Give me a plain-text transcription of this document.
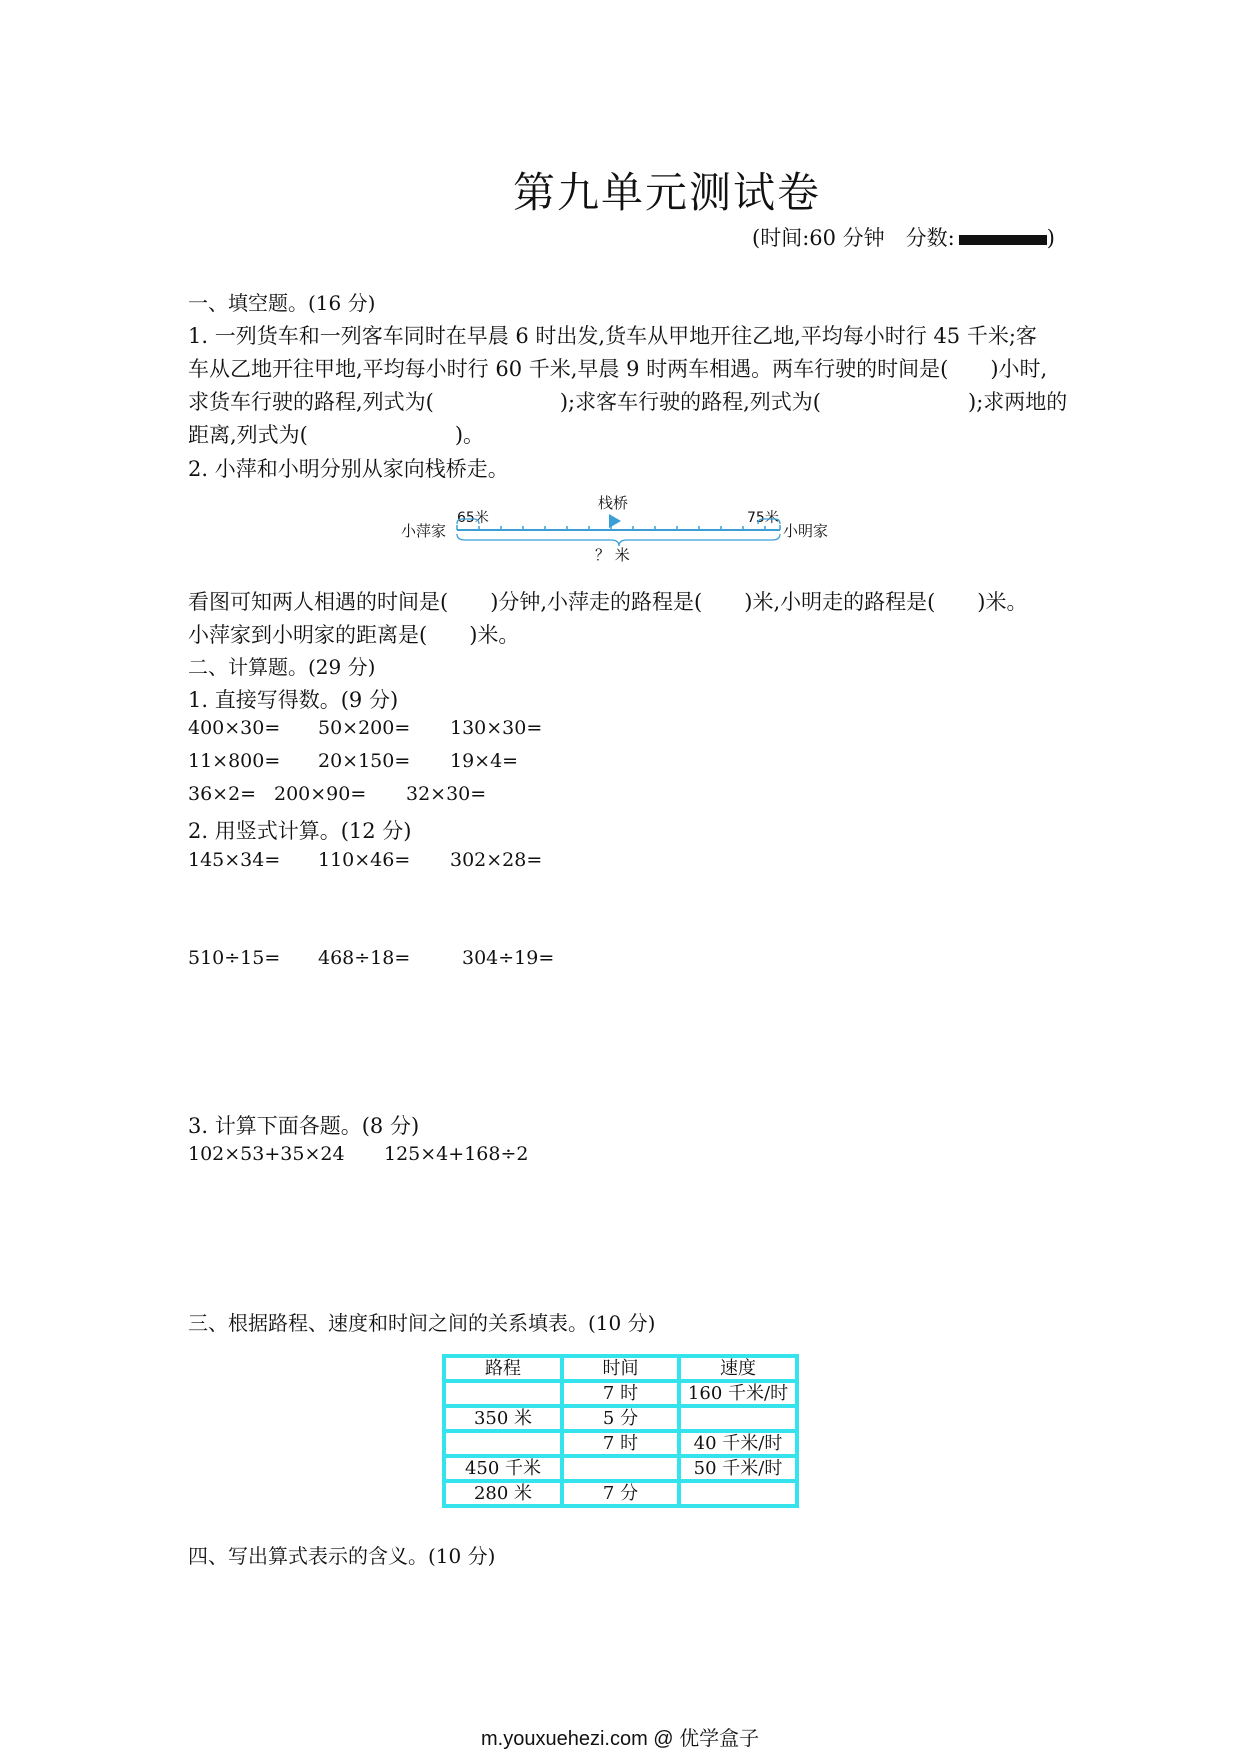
第九单元测试卷
(时间:60 分钟　分数:	)
一、填空题。(16 分)
1. 一列货车和一列客车同时在早晨 6 时出发,货车从甲地开往乙地,平均每小时行 45 千米;客
车从乙地开往甲地,平均每小时行 60 千米,早晨 9 时两车相遇。两车行驶的时间是(　　)小时,
求货车行驶的路程,列式为(　　　　　　);求客车行驶的路程,列式为(　　　　　　　);求两地的
距离,列式为(　　　　　　　)。
2. 小萍和小明分别从家向栈桥走。
小萍家	小明家
栈桥
65米	75米
？ 米
看图可知两人相遇的时间是(　　)分钟,小萍走的路程是(　　)米,小明走的路程是(　　)米。
小萍家到小明家的距离是(　　)米。
二、计算题。(29 分)
1. 直接写得数。(9 分)
400×30= 50×200= 130×30=
11×800= 20×150= 19×4=
36×2= 200×90= 32×30=
2. 用竖式计算。(12 分)
145×34= 110×46= 302×28=
510÷15= 468÷18=	304÷19=
3. 计算下面各题。(8 分)
102×53+35×24 125×4+168÷2
三、根据路程、速度和时间之间的关系填表。(10 分)
路程	时间	速度
	7 时	160 千米/时
350 米	5 分	
	7 时	40 千米/时
450 千米		50 千米/时
280 米	7 分	
四、写出算式表示的含义。(10 分)
m.youxuehezi.com @ 优学盒子
